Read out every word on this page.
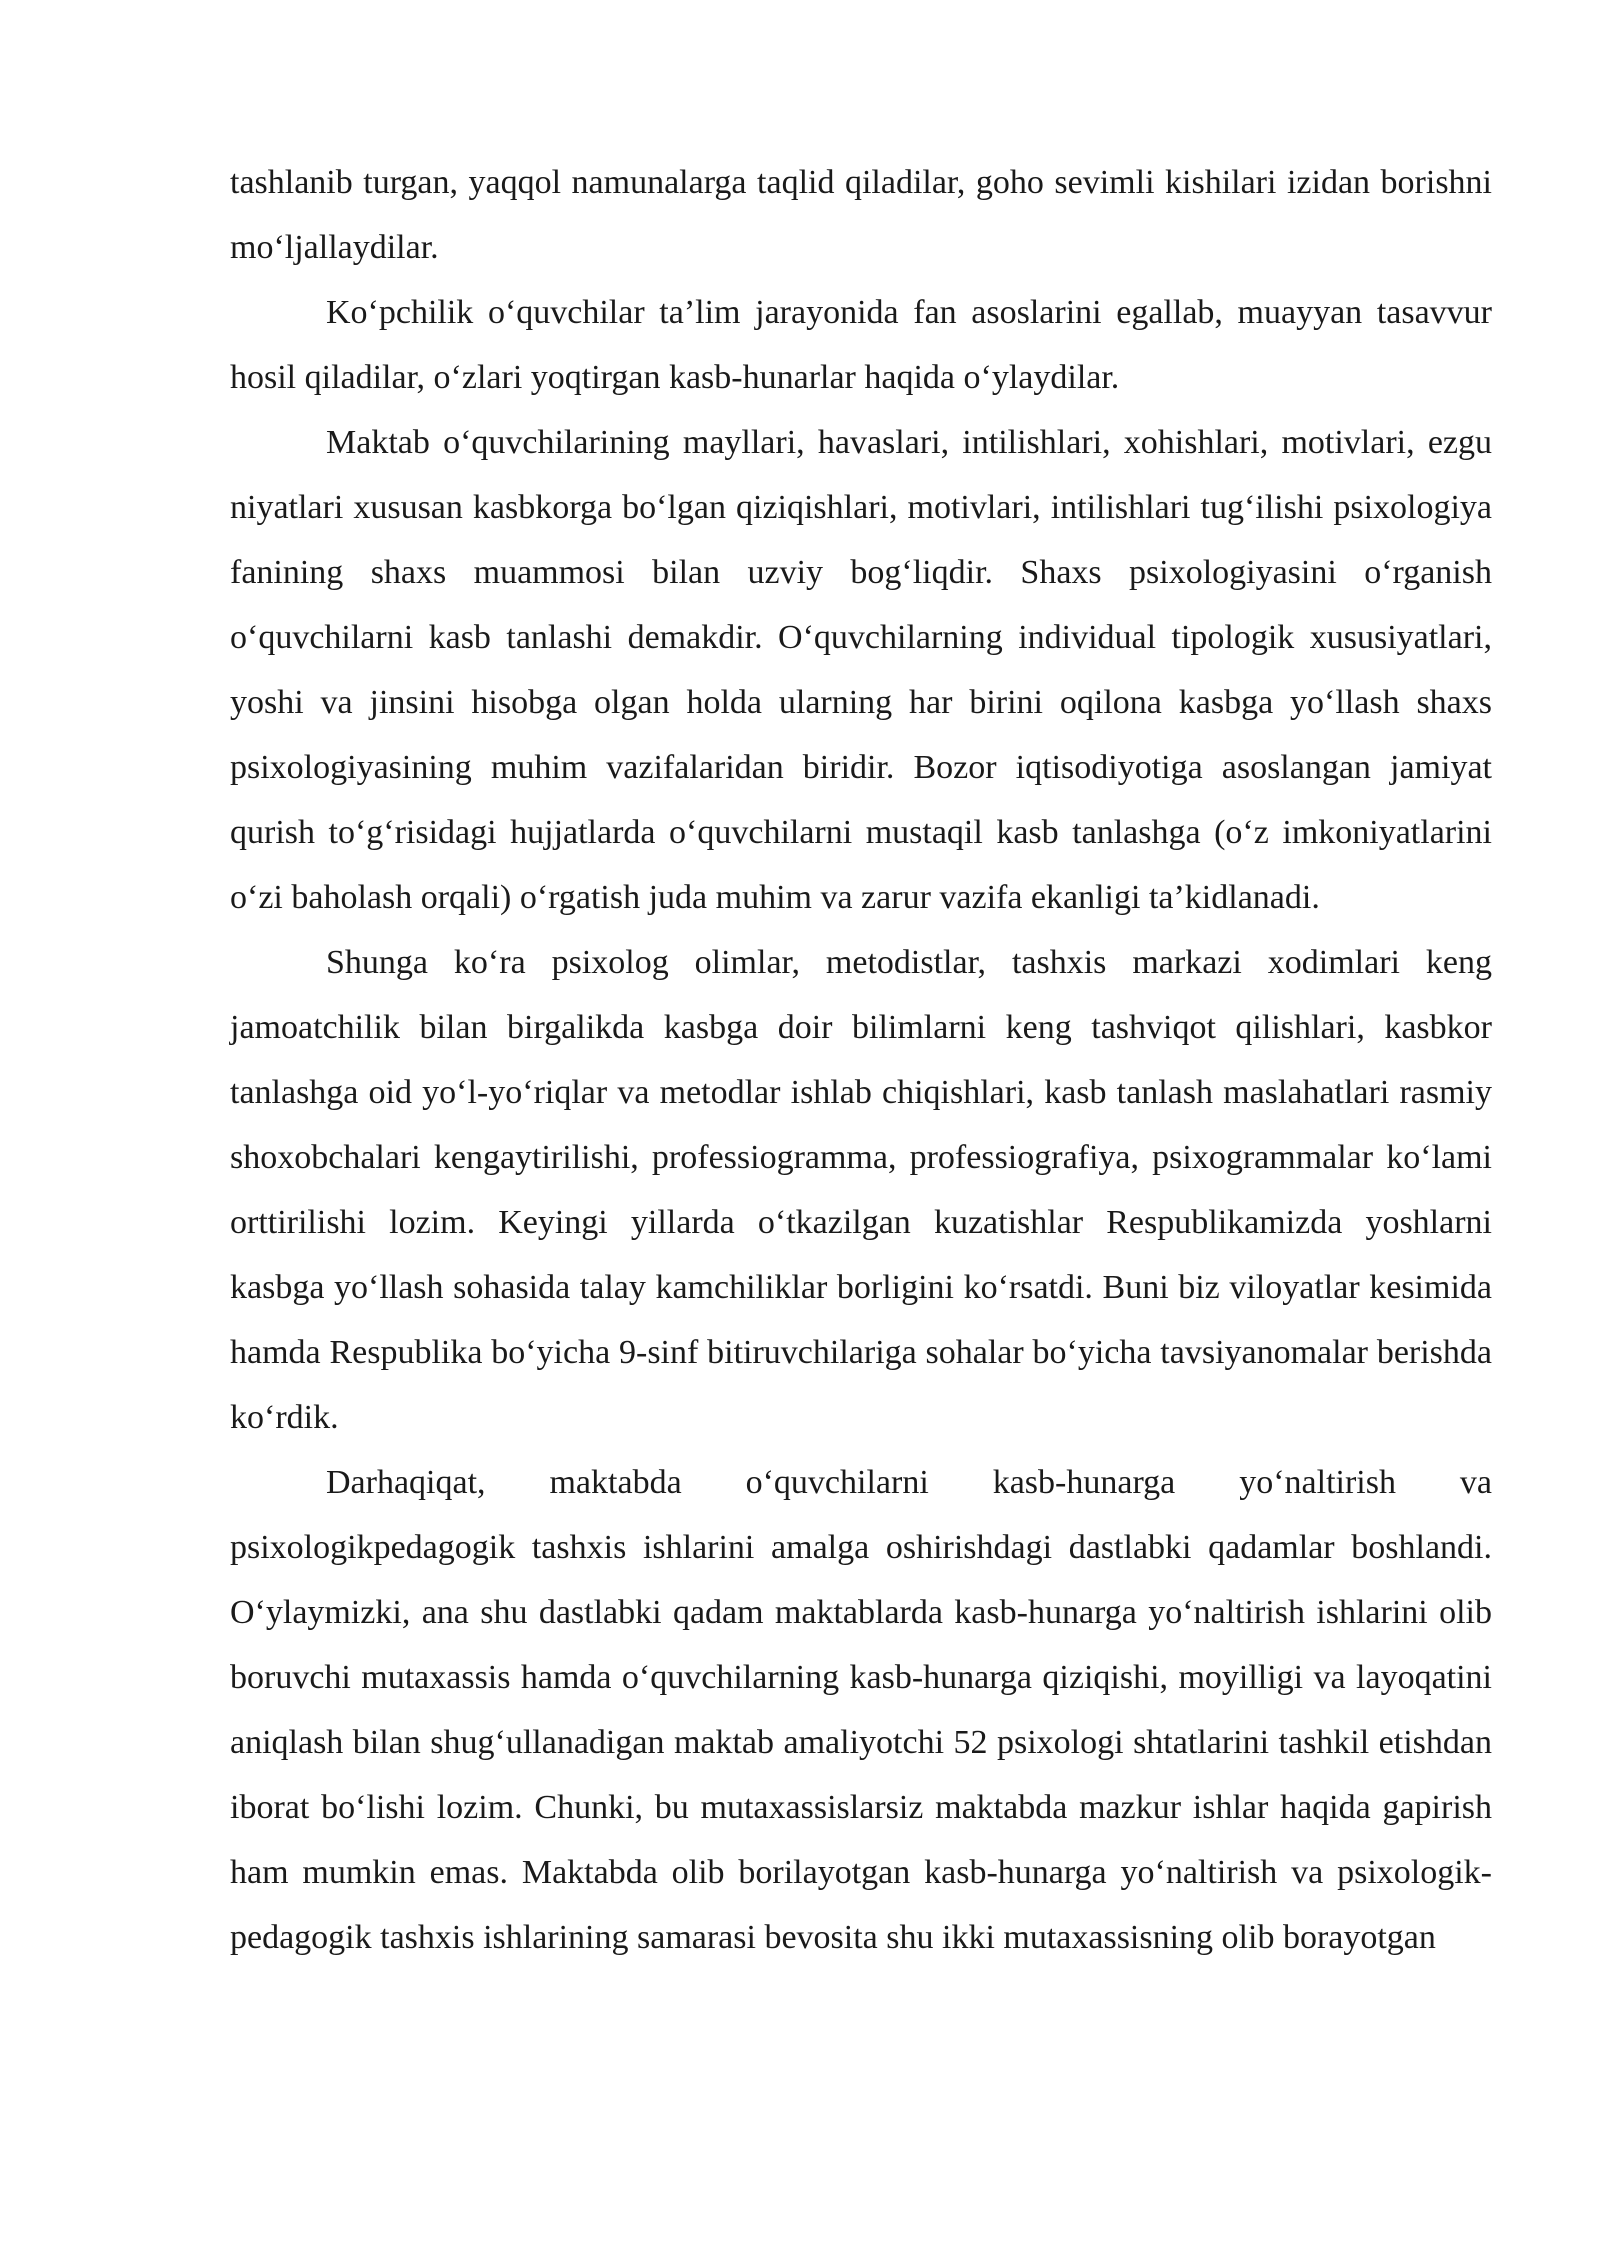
tashlanib turgan, yaqqol namunalarga taqlid qiladilar, goho sevimli kishilari izidan borishni mo‘ljallaydilar.

Ko‘pchilik o‘quvchilar ta’lim jarayonida fan asoslarini egallab, muayyan tasavvur hosil qiladilar, o‘zlari yoqtirgan kasb-hunarlar haqida o‘ylaydilar.

Maktab o‘quvchilarining mayllari, havaslari, intilishlari, xohishlari, motivlari, ezgu niyatlari xususan kasbkorga bo‘lgan qiziqishlari, motivlari, intilishlari tug‘ilishi psixologiya fanining shaxs muammosi bilan uzviy bog‘liqdir. Shaxs psixologiyasini o‘rganish o‘quvchilarni kasb tanlashi demakdir. O‘quvchilarning individual tipologik xususiyatlari, yoshi va jinsini hisobga olgan holda ularning har birini oqilona kasbga yo‘llash shaxs psixologiyasining muhim vazifalaridan biridir. Bozor iqtisodiyotiga asoslangan jamiyat qurish to‘g‘risidagi hujjatlarda o‘quvchilarni mustaqil kasb tanlashga (o‘z imkoniyatlarini o‘zi baholash orqali) o‘rgatish juda muhim va zarur vazifa ekanligi ta’kidlanadi.

Shunga ko‘ra psixolog olimlar, metodistlar, tashxis markazi xodimlari keng jamoatchilik bilan birgalikda kasbga doir bilimlarni keng tashviqot qilishlari, kasbkor tanlashga oid yo‘l-yo‘riqlar va metodlar ishlab chiqishlari, kasb tanlash maslahatlari rasmiy shoxobchalari kengaytirilishi, professiogramma, professiografiya, psixogrammalar ko‘lami orttirilishi lozim. Keyingi yillarda o‘tkazilgan kuzatishlar Respublikamizda yoshlarni kasbga yo‘llash sohasida talay kamchiliklar borligini ko‘rsatdi. Buni biz viloyatlar kesimida hamda Respublika bo‘yicha 9-sinf bitiruvchilariga sohalar bo‘yicha tavsiyanomalar berishda ko‘rdik.

Darhaqiqat, maktabda o‘quvchilarni kasb-hunarga yo‘naltirish va psixologikpedagogik tashxis ishlarini amalga oshirishdagi dastlabki qadamlar boshlandi. O‘ylaymizki, ana shu dastlabki qadam maktablarda kasb-hunarga yo‘naltirish ishlarini olib boruvchi mutaxassis hamda o‘quvchilarning kasb-hunarga qiziqishi, moyilligi va layoqatini aniqlash bilan shug‘ullanadigan maktab amaliyotchi 52 psixologi shtatlarini tashkil etishdan iborat bo‘lishi lozim. Chunki, bu mutaxassislarsiz maktabda mazkur ishlar haqida gapirish ham mumkin emas. Maktabda olib borilayotgan kasb-hunarga yo‘naltirish va psixologik-pedagogik tashxis ishlarining samarasi bevosita shu ikki mutaxassisning olib borayotgan
